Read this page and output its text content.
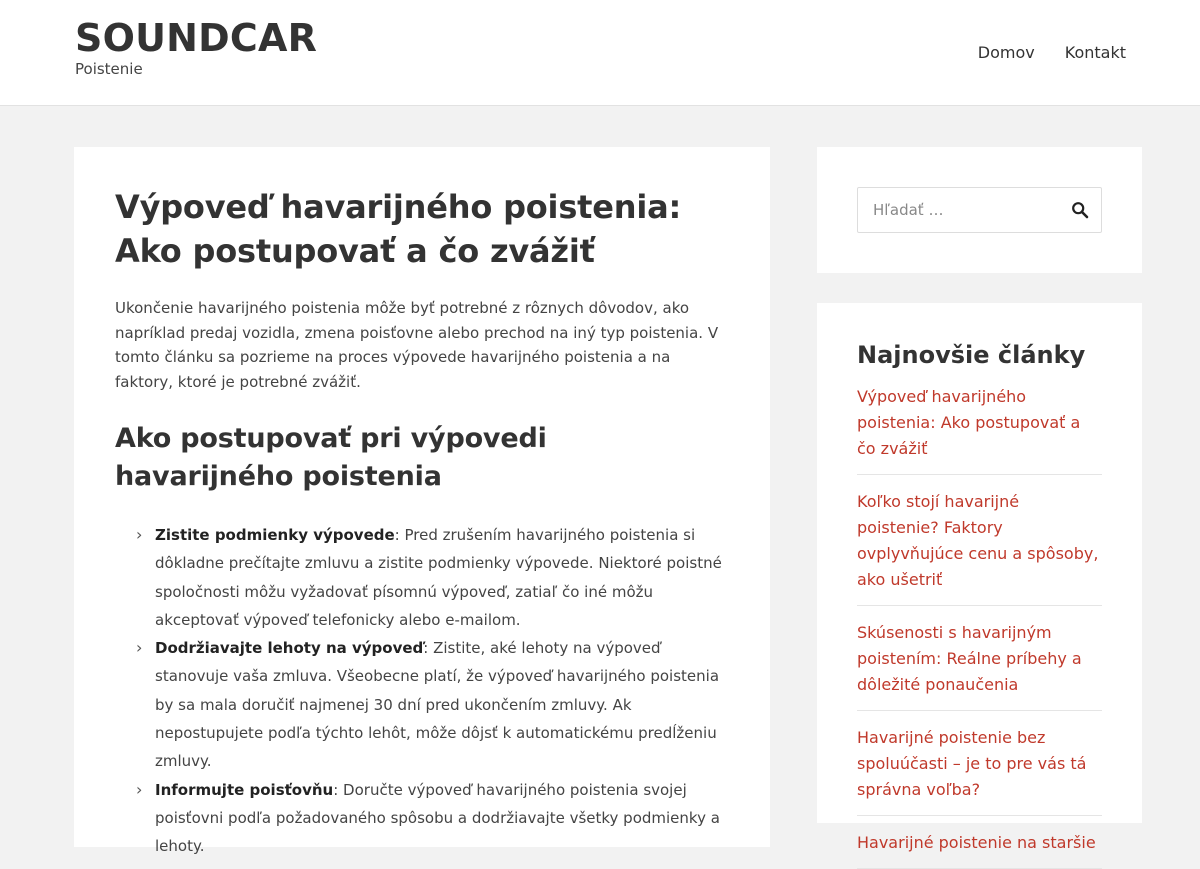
SOUNDCAR
Poistenie
Domov Kontakt
Výpoveď havarijného poistenia: Ako postupovať a čo zvážiť

Ukončenie havarijného poistenia môže byť potrebné z rôznych dôvodov, ako napríklad predaj vozidla, zmena poisťovne alebo prechod na iný typ poistenia. V tomto článku sa pozrieme na proces výpovede havarijného poistenia a na faktory, ktoré je potrebné zvážiť.

Ako postupovať pri výpovedi havarijného poistenia
› Zistite podmienky výpovede: Pred zrušením havarijného poistenia si dôkladne prečítajte zmluvu a zistite podmienky výpovede. Niektoré poistné spoločnosti môžu vyžadovať písomnú výpoveď, zatiaľ čo iné môžu akceptovať výpoveď telefonicky alebo e-mailom.
› Dodržiavajte lehoty na výpoveď: Zistite, aké lehoty na výpoveď stanovuje vaša zmluva. Všeobecne platí, že výpoveď havarijného poistenia by sa mala doručiť najmenej 30 dní pred ukončením zmluvy. Ak nepostupujete podľa týchto lehôt, môže dôjsť k automatickému predĺženiu zmluvy.
› Informujte poisťovňu: Doručte výpoveď havarijného poistenia svojej poisťovni podľa požadovaného spôsobu a dodržiavajte všetky podmienky a lehoty.
Hľadať …
Najnovšie články
Výpoveď havarijného poistenia: Ako postupovať a čo zvážiť
Koľko stojí havarijné poistenie? Faktory ovplyvňujúce cenu a spôsoby, ako ušetriť
Skúsenosti s havarijným poistením: Reálne príbehy a dôležité ponaučenia
Havarijné poistenie bez spoluúčasti – je to pre vás tá správna voľba?
Havarijné poistenie na staršie
